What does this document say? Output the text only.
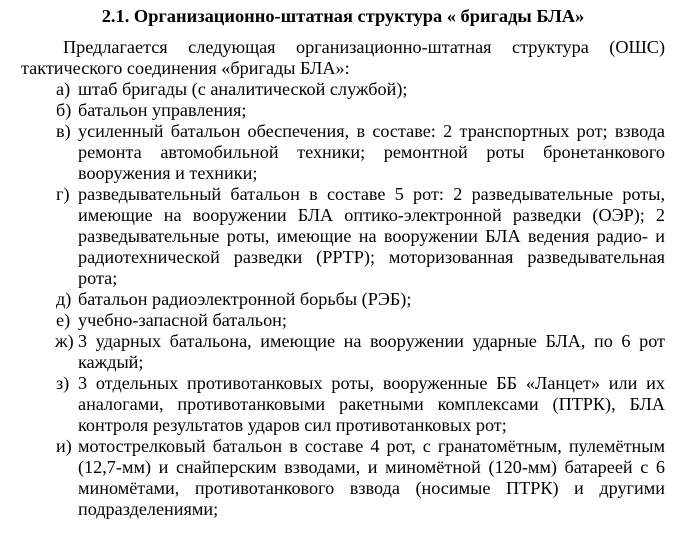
2.1. Организационно-штатная структура « бригады БЛА»

Предлагается следующая организационно-штатная структура (ОШС) тактического соединения «бригады БЛА»:

а) штаб бригады (с аналитической службой);
б) батальон управления;
в) усиленный батальон обеспечения, в составе: 2 транспортных рот; взвода ремонта автомобильной техники; ремонтной роты бронетанкового вооружения и техники;
г) разведывательный батальон в составе 5 рот: 2 разведывательные роты, имеющие на вооружении БЛА оптико-электронной разведки (ОЭР); 2 разведывательные роты, имеющие на вооружении БЛА ведения радио- и радиотехнической разведки (РРТР); моторизованная разведывательная рота;
д) батальон радиоэлектронной борьбы (РЭБ);
е) учебно-запасной батальон;
ж) 3 ударных батальона, имеющие на вооружении ударные БЛА, по 6 рот каждый;
з) 3 отдельных противотанковых роты, вооруженные ББ «Ланцет» или их аналогами, противотанковыми ракетными комплексами (ПТРК), БЛА контроля результатов ударов сил противотанковых рот;
и) мотострелковый батальон в составе 4 рот, с гранатомётным, пулемётным (12,7-мм) и снайперским взводами, и миномётной (120-мм) батареей с 6 миномётами, противотанкового взвода (носимые ПТРК) и другими подразделениями;
